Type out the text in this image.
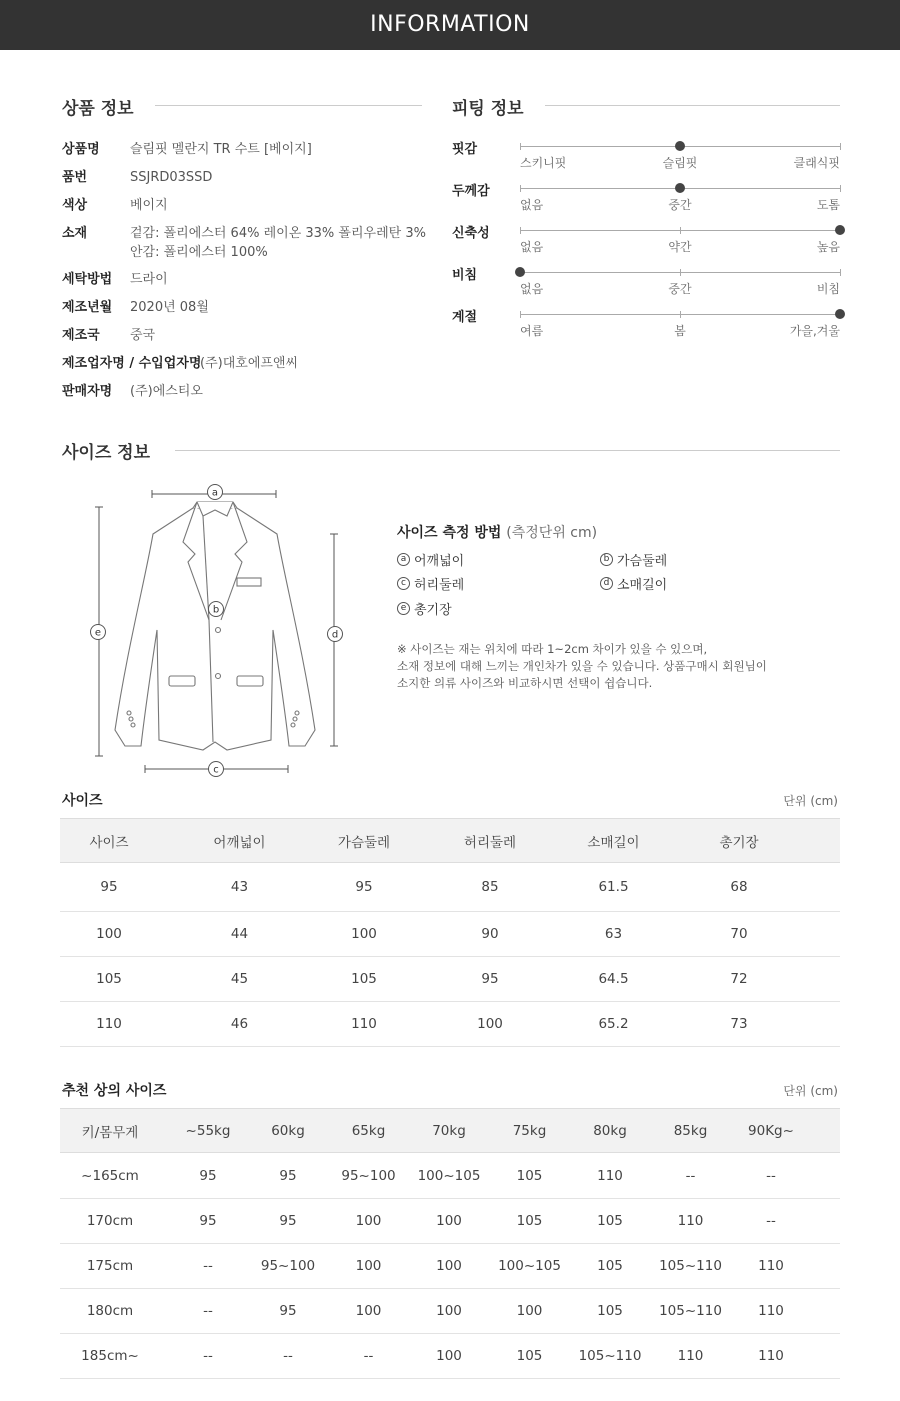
INFORMATION
상품 정보
상품명	슬림핏 멜란지 TR 수트 [베이지]
품번	SSJRD03SSD
색상	베이지
소재	겉감: 폴리에스터 64% 레이온 33% 폴리우레탄 3%
안감: 폴리에스터 100%
세탁방법	드라이
제조년월	2020년 08월
제조국	중국
제조업자명 / 수입업자명
(주)대호에프앤씨
판매자명	(주)에스티오
피팅 정보
핏감
스키니핏	슬림핏	클래식핏
두께감
없음	중간	도톰
신축성
없음	약간	높음
비침
없음	중간	비침
계절
여름	봄	가을,겨울
사이즈 정보
a
b
c
d
e
사이즈 측정 방법 (측정단위 cm)
a 어깨넓이	b 가슴둘레
c 허리둘레	d 소매길이
e 총기장
※ 사이즈는 재는 위치에 따라 1~2cm 차이가 있을 수 있으며,
소재 정보에 대해 느끼는 개인차가 있을 수 있습니다. 상품구매시 회원님이
소지한 의류 사이즈와 비교하시면 선택이 쉽습니다.
사이즈	단위 (cm)
사이즈	어깨넓이	가슴둘레	허리둘레	소매길이	총기장	
95	43	95	85	61.5	68	
100	44	100	90	63	70	
105	45	105	95	64.5	72	
110	46	110	100	65.2	73	
추천 상의 사이즈	단위 (cm)
키/몸무게	~55kg	60kg	65kg	70kg	75kg	80kg	85kg	90Kg~	
~165cm	95	95	95~100	100~105	105	110	--	--	
170cm	95	95	100	100	105	105	110	--	
175cm	--	95~100	100	100	100~105	105	105~110	110	
180cm	--	95	100	100	100	105	105~110	110	
185cm~	--	--	--	100	105	105~110	110	110	
